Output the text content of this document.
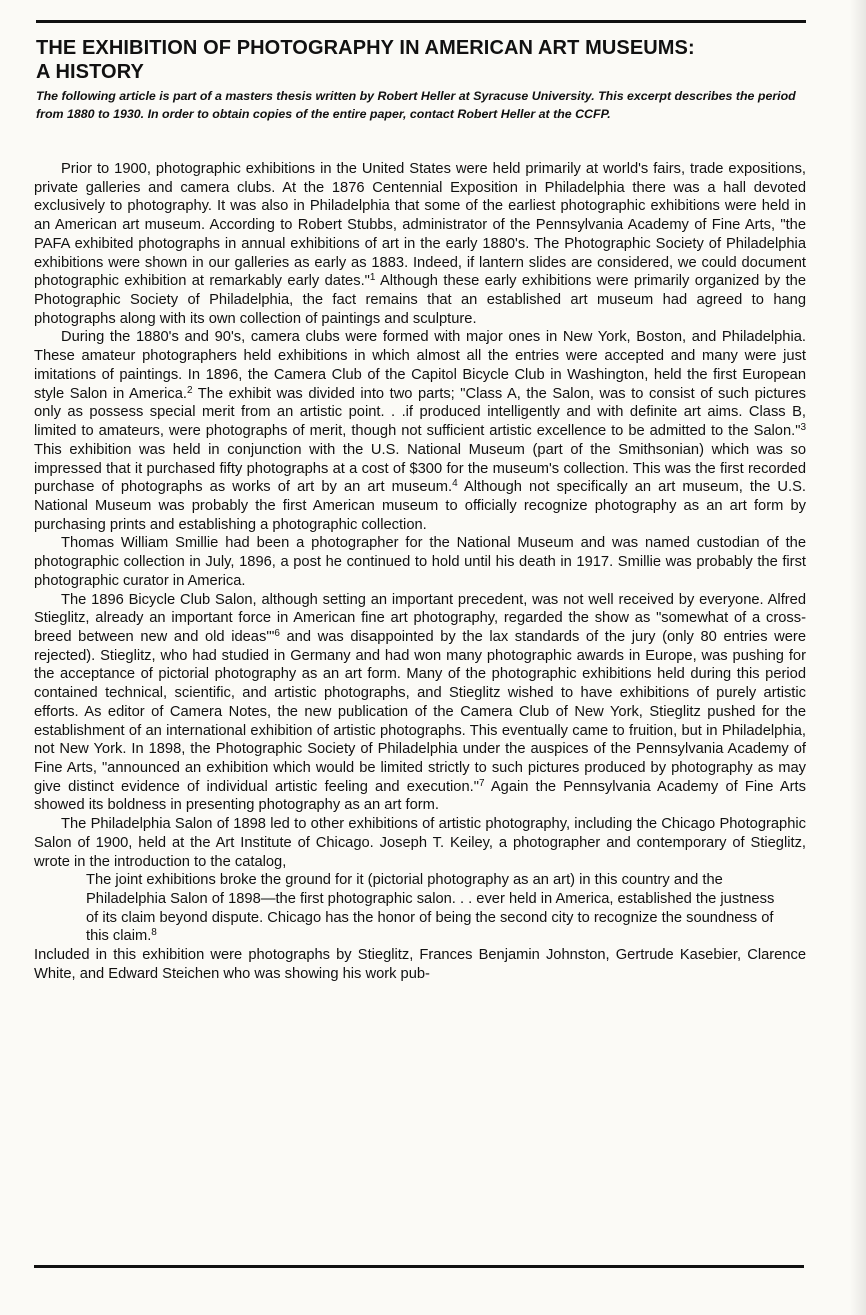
THE EXHIBITION OF PHOTOGRAPHY IN AMERICAN ART MUSEUMS:
A HISTORY

The following article is part of a masters thesis written by Robert Heller at Syracuse University. This excerpt describes the period from 1880 to 1930. In order to obtain copies of the entire paper, contact Robert Heller at the CCFP.

Prior to 1900, photographic exhibitions in the United States were held primarily at world's fairs, trade expositions, private galleries and camera clubs. At the 1876 Centennial Exposition in Philadelphia there was a hall devoted exclusively to photography. It was also in Philadelphia that some of the earliest photographic exhibitions were held in an American art museum. According to Robert Stubbs, administrator of the Pennsylvania Academy of Fine Arts, "the PAFA exhibited photographs in annual exhibitions of art in the early 1880's. The Photographic Society of Philadelphia exhibitions were shown in our galleries as early as 1883. Indeed, if lantern slides are considered, we could document photographic exhibition at remarkably early dates."$^1$ Although these early exhibitions were primarily organized by the Photographic Society of Philadelphia, the fact remains that an established art museum had agreed to hang photographs along with its own collection of paintings and sculpture.

During the 1880's and 90's, camera clubs were formed with major ones in New York, Boston, and Philadelphia. These amateur photographers held exhibitions in which almost all the entries were accepted and many were just imitations of paintings. In 1896, the Camera Club of the Capitol Bicycle Club in Washington, held the first European style Salon in America.$^2$ The exhibit was divided into two parts; "Class A, the Salon, was to consist of such pictures only as possess special merit from an artistic point. . .if produced intelligently and with definite art aims. Class B, limited to amateurs, were photographs of merit, though not sufficient artistic excellence to be admitted to the Salon."$^3$ This exhibition was held in conjunction with the U.S. National Museum (part of the Smithsonian) which was so impressed that it purchased fifty photographs at a cost of $300 for the museum's collection. This was the first recorded purchase of photographs as works of art by an art museum.$^4$ Although not specifically an art museum, the U.S. National Museum was probably the first American museum to officially recognize photography as an art form by purchasing prints and establishing a photographic collection.

Thomas William Smillie had been a photographer for the National Museum and was named custodian of the photographic collection in July, 1896, a post he continued to hold until his death in 1917. Smillie was probably the first photographic curator in America.

The 1896 Bicycle Club Salon, although setting an important precedent, was not well received by everyone. Alfred Stieglitz, already an important force in American fine art photography, regarded the show as "somewhat of a cross-breed between new and old ideas'"$^6$ and was disappointed by the lax standards of the jury (only 80 entries were rejected). Stieglitz, who had studied in Germany and had won many photographic awards in Europe, was pushing for the acceptance of pictorial photography as an art form. Many of the photographic exhibitions held during this period contained technical, scientific, and artistic photographs, and Stieglitz wished to have exhibitions of purely artistic efforts. As editor of Camera Notes, the new publication of the Camera Club of New York, Stieglitz pushed for the establishment of an international exhibition of artistic photographs. This eventually came to fruition, but in Philadelphia, not New York. In 1898, the Photographic Society of Philadelphia under the auspices of the Pennsylvania Academy of Fine Arts, "announced an exhibition which would be limited strictly to such pictures produced by photography as may give distinct evidence of individual artistic feeling and execution."$^7$ Again the Pennsylvania Academy of Fine Arts showed its boldness in presenting photography as an art form.

The Philadelphia Salon of 1898 led to other exhibitions of artistic photography, including the Chicago Photographic Salon of 1900, held at the Art Institute of Chicago. Joseph T. Keiley, a photographer and contemporary of Stieglitz, wrote in the introduction to the catalog,

The joint exhibitions broke the ground for it (pictorial photography as an art) in this country and the Philadelphia Salon of 1898—the first photographic salon. . . ever held in America, established the justness of its claim beyond dispute. Chicago has the honor of being the second city to recognize the soundness of this claim.$^8$

Included in this exhibition were photographs by Stieglitz, Frances Benjamin Johnston, Gertrude Kasebier, Clarence White, and Edward Steichen who was showing his work pub-
